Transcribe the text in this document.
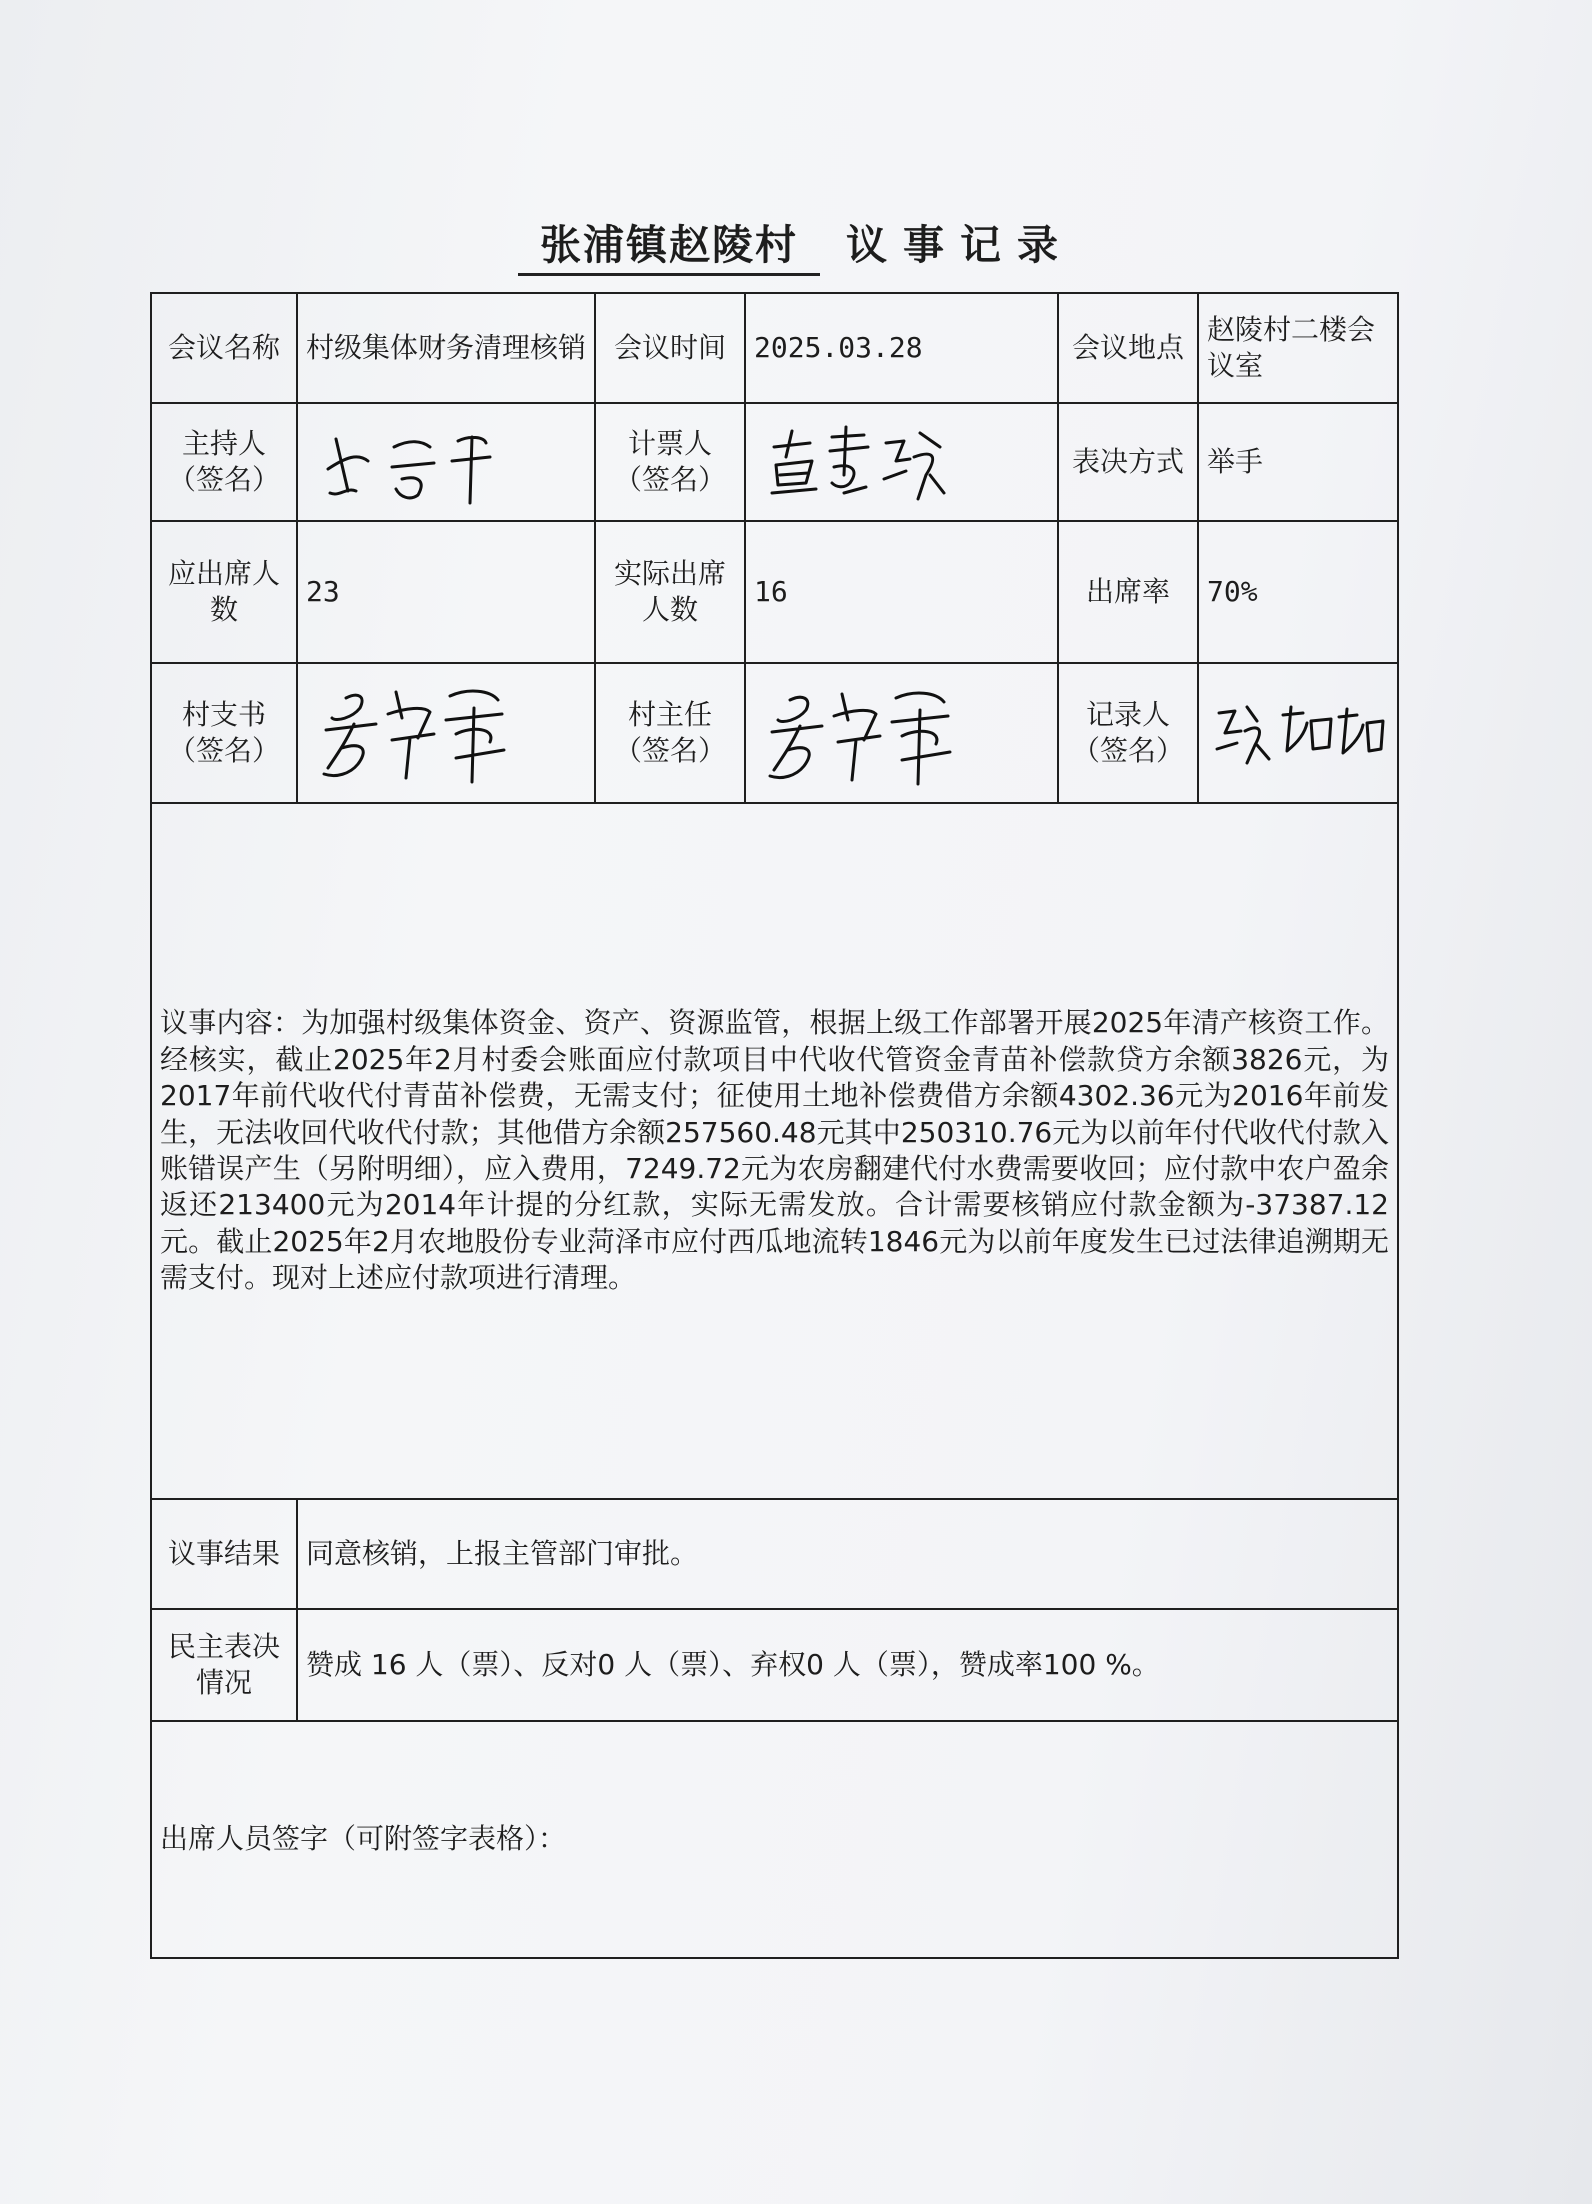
张浦镇赵陵村 议事记录
会议名称	村级集体财务清理核销	会议时间	2025.03.28	会议地点	赵陵村二楼会议室
主持人（签名）		计票人（签名）		表决方式	举手
应出席人数	23	实际出席人数	16	出席率	70%
村支书（签名）		村主任（签名）		记录人（签名）	

议事内容：为加强村级集体资金、资产、资源监管，根据上级工作部署开展2025年清产核资工作。经核实，截止2025年2月村委会账面应付款项目中代收代管资金青苗补偿款贷方余额3826元，为2017年前代收代付青苗补偿费，无需支付；征使用土地补偿费借方余额4302.36元为2016年前发生，无法收回代收代付款；其他借方余额257560.48元其中250310.76元为以前年付代收代付款入账错误产生（另附明细），应入费用，7249.72元为农房翻建代付水费需要收回；应付款中农户盈余返还213400元为2014年计提的分红款，实际无需发放。合计需要核销应付款金额为-37387.12元。截止2025年2月农地股份专业菏泽市应付西瓜地流转1846元为以前年度发生已过法律追溯期无需支付。现对上述应付款项进行清理。					
议事结果	同意核销，上报主管部门审批。				
民主表决情况	赞成 16 人（票）、反对0 人（票）、弃权0 人（票），赞成率100 %。				
出席人员签字（可附签字表格）：					
